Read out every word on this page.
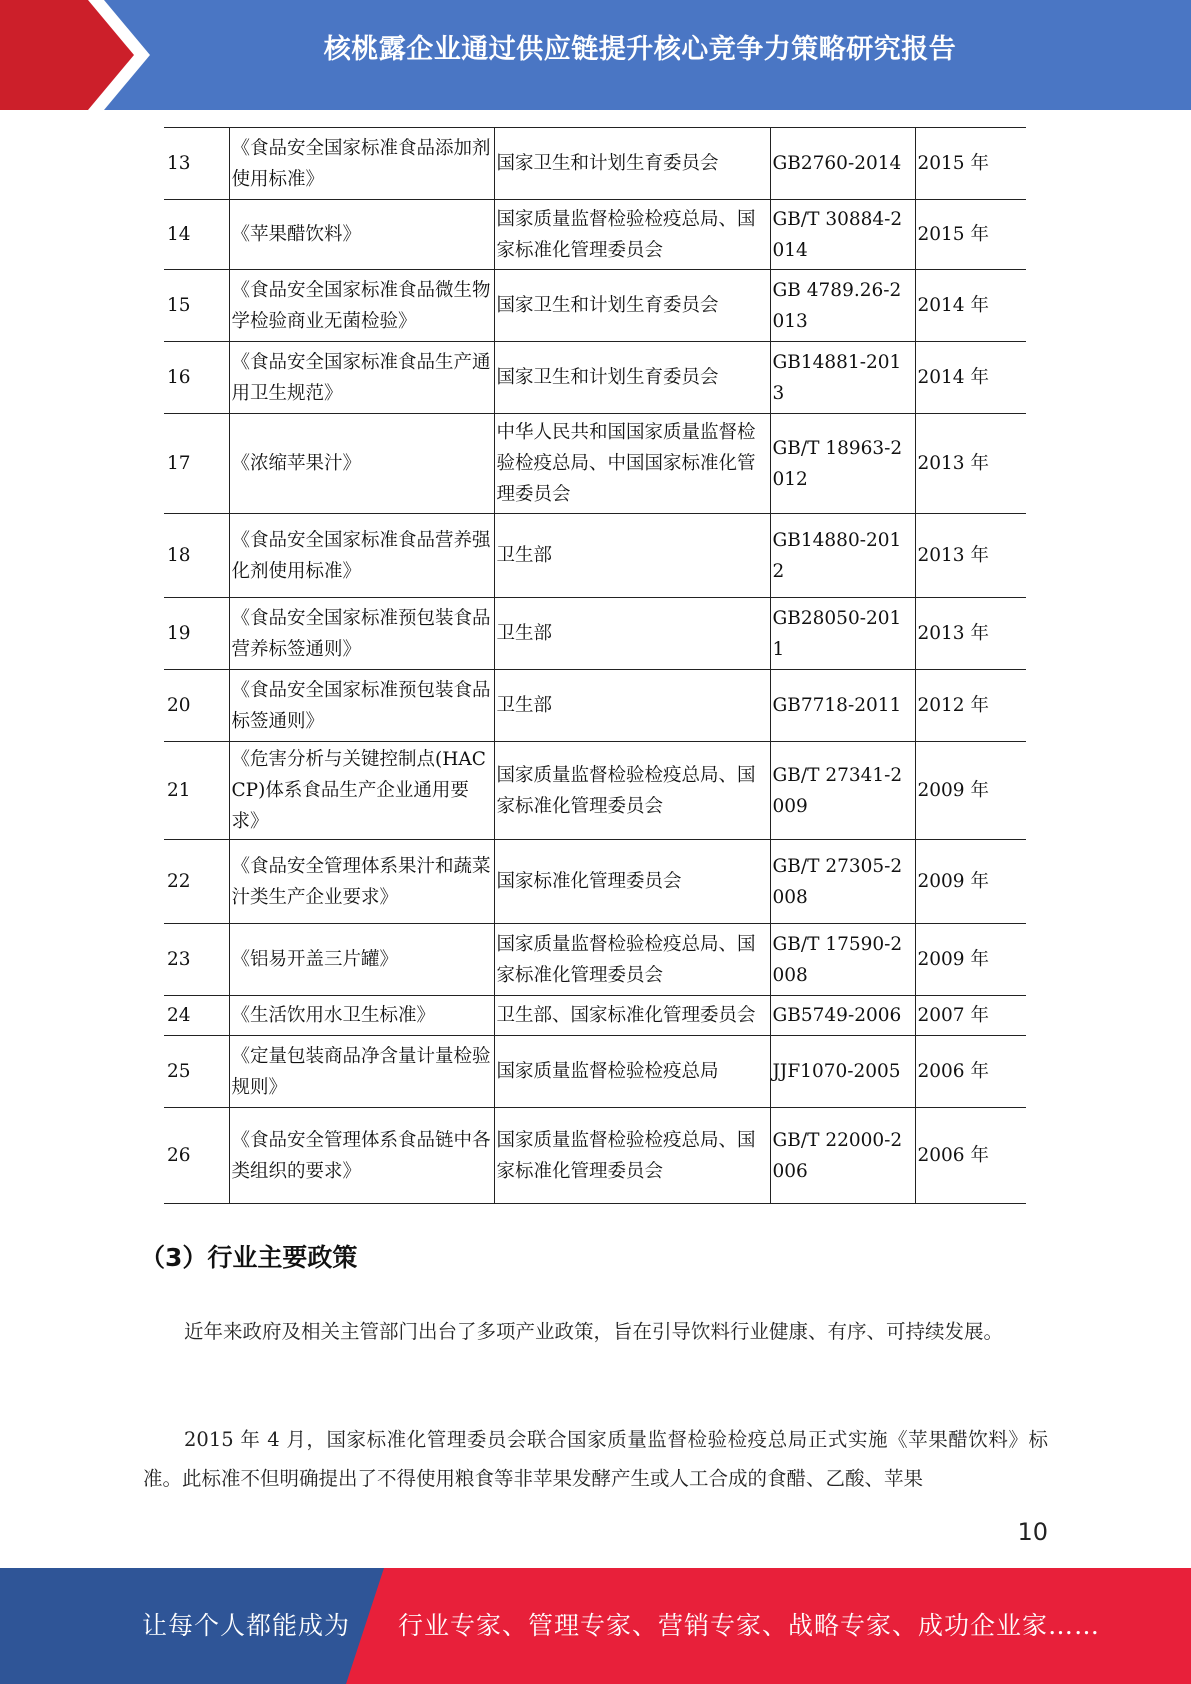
核桃露企业通过供应链提升核心竞争力策略研究报告
13	《食品安全国家标准食品添加剂使用标准》	国家卫生和计划生育委员会	GB2760-2014	2015 年
14	《苹果醋饮料》	国家质量监督检验检疫总局、国家标准化管理委员会	GB/T 30884-2014	2015 年
15	《食品安全国家标准食品微生物学检验商业无菌检验》	国家卫生和计划生育委员会	GB 4789.26-2013	2014 年
16	《食品安全国家标准食品生产通用卫生规范》	国家卫生和计划生育委员会	GB14881-2013	2014 年
17	《浓缩苹果汁》	中华人民共和国国家质量监督检验检疫总局、中国国家标准化管理委员会	GB/T 18963-2012	2013 年
18	《食品安全国家标准食品营养强化剂使用标准》	卫生部	GB14880-2012	2013 年
19	《食品安全国家标准预包装食品营养标签通则》	卫生部	GB28050-2011	2013 年
20	《食品安全国家标准预包装食品标签通则》	卫生部	GB7718-2011	2012 年
21	《危害分析与关键控制点(HACCP)体系食品生产企业通用要求》	国家质量监督检验检疫总局、国家标准化管理委员会	GB/T 27341-2009	2009 年
22	《食品安全管理体系果汁和蔬菜汁类生产企业要求》	国家标准化管理委员会	GB/T 27305-2008	2009 年
23	《铝易开盖三片罐》	国家质量监督检验检疫总局、国家标准化管理委员会	GB/T 17590-2008	2009 年
24	《生活饮用水卫生标准》	卫生部、国家标准化管理委员会	GB5749-2006	2007 年
25	《定量包装商品净含量计量检验规则》	国家质量监督检验检疫总局	JJF1070-2005	2006 年
26	《食品安全管理体系食品链中各类组织的要求》	国家质量监督检验检疫总局、国家标准化管理委员会	GB/T 22000-2006	2006 年
（3）行业主要政策

近年来政府及相关主管部门出台了多项产业政策，旨在引导饮料行业健康、有序、可持续发展。

2015 年 4 月，国家标准化管理委员会联合国家质量监督检验检疫总局正式实施《苹果醋饮料》标准。此标准不但明确提出了不得使用粮食等非苹果发酵产生或人工合成的食醋、乙酸、苹果

10
让每个人都能成为 行业专家、管理专家、营销专家、战略专家、成功企业家……
